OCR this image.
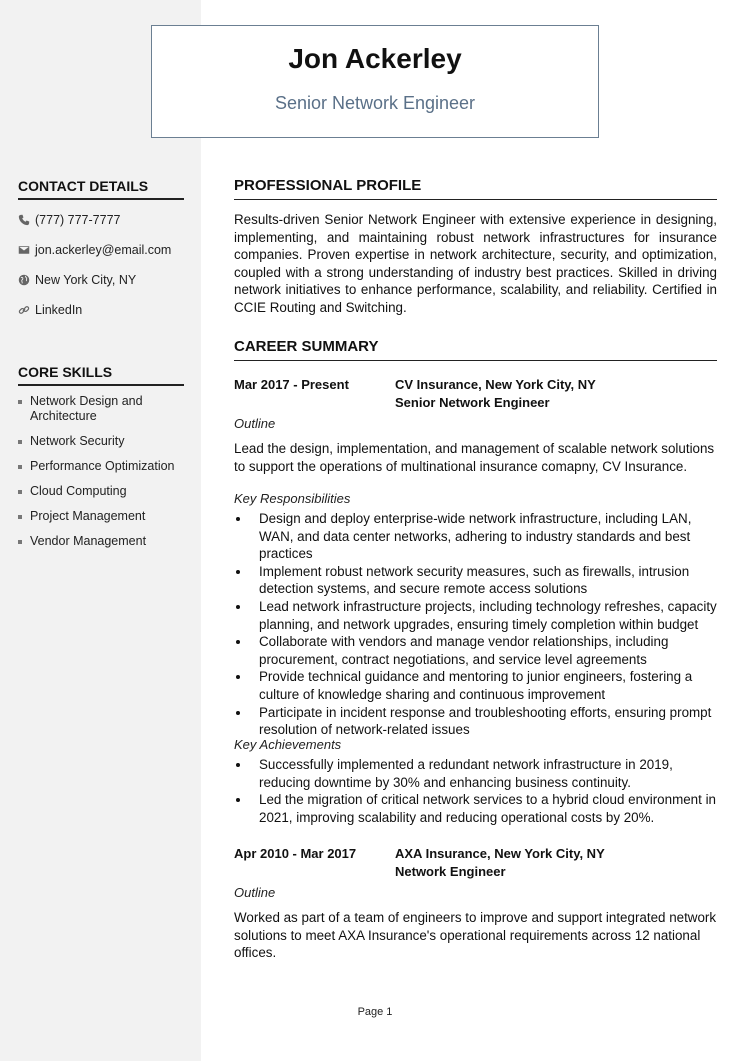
Jon Ackerley
Senior Network Engineer
CONTACT DETAILS
(777) 777-7777
jon.ackerley@email.com
New York City, NY
LinkedIn
CORE SKILLS
Network Design and Architecture
Network Security
Performance Optimization
Cloud Computing
Project Management
Vendor Management
PROFESSIONAL PROFILE
Results-driven Senior Network Engineer with extensive experience in designing, implementing, and maintaining robust network infrastructures for insurance companies. Proven expertise in network architecture, security, and optimization, coupled with a strong understanding of industry best practices. Skilled in driving network initiatives to enhance performance, scalability, and reliability. Certified in CCIE Routing and Switching.
CAREER SUMMARY
Mar 2017 - Present	CV Insurance, New York City, NY
Senior Network Engineer
Outline
Lead the design, implementation, and management of scalable network solutions to support the operations of multinational insurance comapny, CV Insurance.
Key Responsibilities
Design and deploy enterprise-wide network infrastructure, including LAN, WAN, and data center networks, adhering to industry standards and best practices
Implement robust network security measures, such as firewalls, intrusion detection systems, and secure remote access solutions
Lead network infrastructure projects, including technology refreshes, capacity planning, and network upgrades, ensuring timely completion within budget
Collaborate with vendors and manage vendor relationships, including procurement, contract negotiations, and service level agreements
Provide technical guidance and mentoring to junior engineers, fostering a culture of knowledge sharing and continuous improvement
Participate in incident response and troubleshooting efforts, ensuring prompt resolution of network-related issues
Key Achievements
Successfully implemented a redundant network infrastructure in 2019, reducing downtime by 30% and enhancing business continuity.
Led the migration of critical network services to a hybrid cloud environment in 2021, improving scalability and reducing operational costs by 20%.
Apr 2010 - Mar 2017	AXA Insurance, New York City, NY
Network Engineer
Outline
Worked as part of a team of engineers to improve and support integrated network solutions to meet AXA Insurance's operational requirements across 12 national offices.
Page 1
